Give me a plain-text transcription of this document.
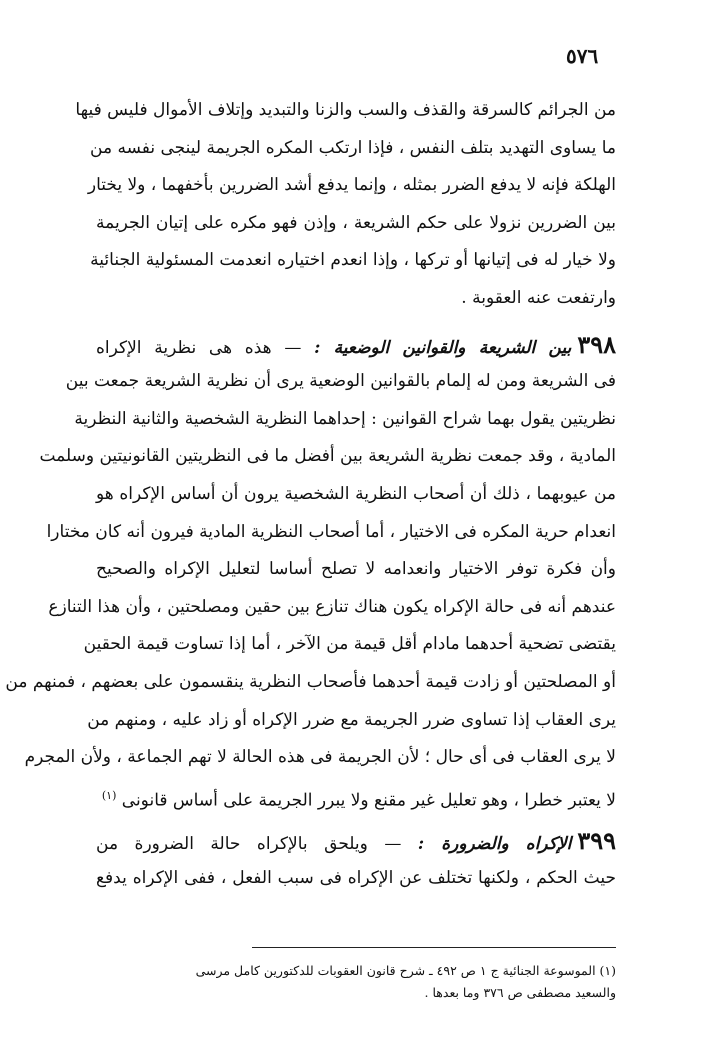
٥٧٦
من الجرائم كالسرقة والقذف والسب والزنا والتبديد وإتلاف الأموال فليس فيها
ما يساوى التهديد بتلف النفس ، فإذا ارتكب المكره الجريمة لينجى نفسه من
الهلكة فإنه لا يدفع الضرر بمثله ، وإنما يدفع أشد الضررين بأخفهما ، ولا يختار
بين الضررين نزولا على حكم الشريعة ، وإذن فهو مكره على إتيان الجريمة
ولا خيار له فى إتيانها أو تركها ، وإذا انعدم اختياره انعدمت المسئولية الجنائية
وارتفعت عنه العقوبة .
٣٩٨بين الشريعة والقوانين الوضعية : — هذه هى نظرية الإكراه
فى الشريعة ومن له إلمام بالقوانين الوضعية يرى أن نظرية الشريعة جمعت بين
نظريتين يقول بهما شراح القوانين : إحداهما النظرية الشخصية والثانية النظرية
المادية ، وقد جمعت نظرية الشريعة بين أفضل ما فى النظريتين القانونيتين وسلمت
من عيوبهما ، ذلك أن أصحاب النظرية الشخصية يرون أن أساس الإكراه هو
انعدام حرية المكره فى الاختيار ، أما أصحاب النظرية المادية فيرون أنه كان مختارا
وأن فكرة توفر الاختيار وانعدامه لا تصلح أساسا لتعليل الإكراه والصحيح
عندهم أنه فى حالة الإكراه يكون هناك تنازع بين حقين ومصلحتين ، وأن هذا التنازع
يقتضى تضحية أحدهما مادام أقل قيمة من الآخر ، أما إذا تساوت قيمة الحقين
أو المصلحتين أو زادت قيمة أحدهما فأصحاب النظرية ينقسمون على بعضهم ، فمنهم من
يرى العقاب إذا تساوى ضرر الجريمة مع ضرر الإكراه أو زاد عليه ، ومنهم من
لا يرى العقاب فى أى حال ؛ لأن الجريمة فى هذه الحالة لا تهم الجماعة ، ولأن المجرم
لا يعتبر خطرا ، وهو تعليل غير مقنع ولا يبرر الجريمة على أساس قانونى $^{(١)}$
٣٩٩الإكراه والضرورة : — ويلحق بالإكراه حالة الضرورة من
حيث الحكم ، ولكنها تختلف عن الإكراه فى سبب الفعل ، ففى الإكراه يدفع
(١) الموسوعة الجنائية ج ١ ص ٤٩٢ ـ شرح قانون العقوبات للدكتورين كامل مرسى
والسعيد مصطفى ص ٣٧٦ وما بعدها .
